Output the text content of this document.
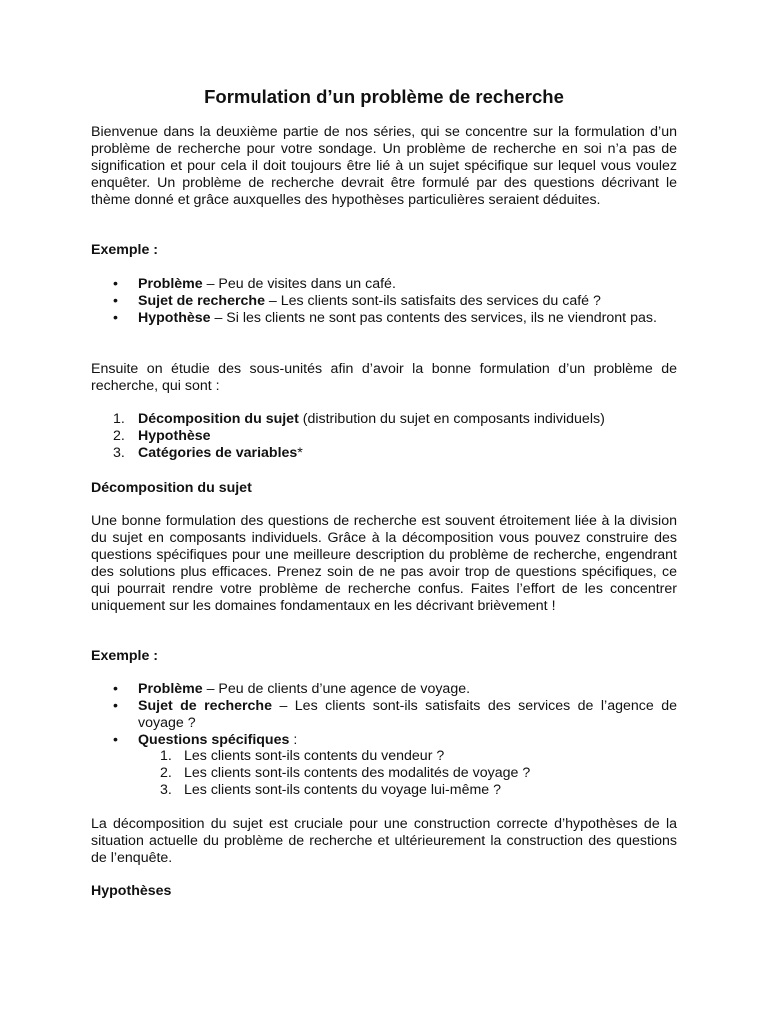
Formulation d’un problème de recherche

Bienvenue dans la deuxième partie de nos séries, qui se concentre sur la formulation d’un problème de recherche pour votre sondage. Un problème de recherche en soi n’a pas de signification et pour cela il doit toujours être lié à un sujet spécifique sur lequel vous voulez enquêter. Un problème de recherche devrait être formulé par des questions décrivant le thème donné et grâce auxquelles des hypothèses particulières seraient déduites.

Exemple :
• Problème – Peu de visites dans un café.
• Sujet de recherche – Les clients sont-ils satisfaits des services du café ?
• Hypothèse – Si les clients ne sont pas contents des services, ils ne viendront pas.

Ensuite on étudie des sous-unités afin d’avoir la bonne formulation d’un problème de recherche, qui sont :

1. Décomposition du sujet (distribution du sujet en composants individuels)
2. Hypothèse
3. Catégories de variables*
Décomposition du sujet

Une bonne formulation des questions de recherche est souvent étroitement liée à la division du sujet en composants individuels. Grâce à la décomposition vous pouvez construire des questions spécifiques pour une meilleure description du problème de recherche, engendrant des solutions plus efficaces. Prenez soin de ne pas avoir trop de questions spécifiques, ce qui pourrait rendre votre problème de recherche confus. Faites l’effort de les concentrer uniquement sur les domaines fondamentaux en les décrivant brièvement !

Exemple :
• Problème – Peu de clients d’une agence de voyage.
• Sujet de recherche – Les clients sont-ils satisfaits des services de l’agence de voyage ?
• Questions spécifiques :
1. Les clients sont-ils contents du vendeur ?
2. Les clients sont-ils contents des modalités de voyage ?
3. Les clients sont-ils contents du voyage lui-même ?

La décomposition du sujet est cruciale pour une construction correcte d’hypothèses de la situation actuelle du problème de recherche et ultérieurement la construction des questions de l’enquête.

Hypothèses
